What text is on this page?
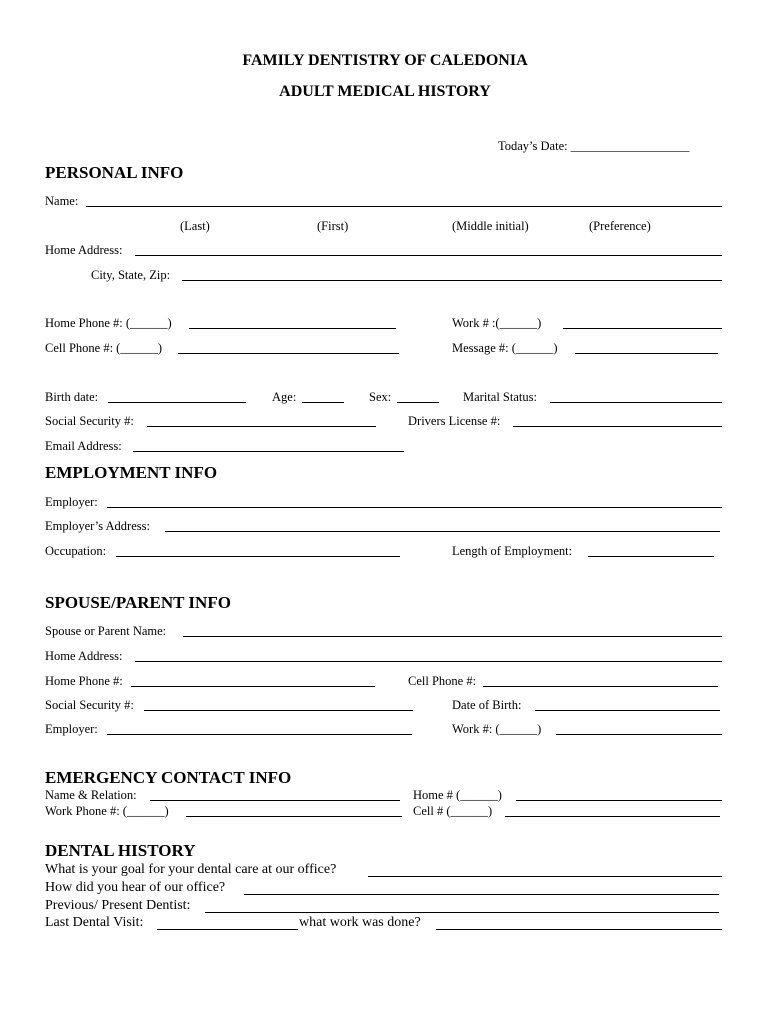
FAMILY DENTISTRY OF CALEDONIA
ADULT MEDICAL HISTORY
Today’s Date: ___________________
PERSONAL INFO
Name:
(Last)	(First)	(Middle initial)	(Preference)
Home Address:
City, State, Zip:
Home Phone #: (______)	Work # :(______)
Cell Phone #: (______)	Message #: (______)
Birth date:	Age:	Sex:	Marital Status:
Social Security #:	Drivers License #:
Email Address:
EMPLOYMENT INFO
Employer:
Employer’s Address:
Occupation:	Length of Employment:
SPOUSE/PARENT INFO
Spouse or Parent Name:
Home Address:
Home Phone #:	Cell Phone #:
Social Security #:	Date of Birth:
Employer:	Work #: (______)
EMERGENCY CONTACT INFO
Name & Relation:	Home # (______)
Work Phone #: (______)	Cell # (______)
DENTAL HISTORY
What is your goal for your dental care at our office?
How did you hear of our office?
Previous/ Present Dentist:
Last Dental Visit:	what work was done?
